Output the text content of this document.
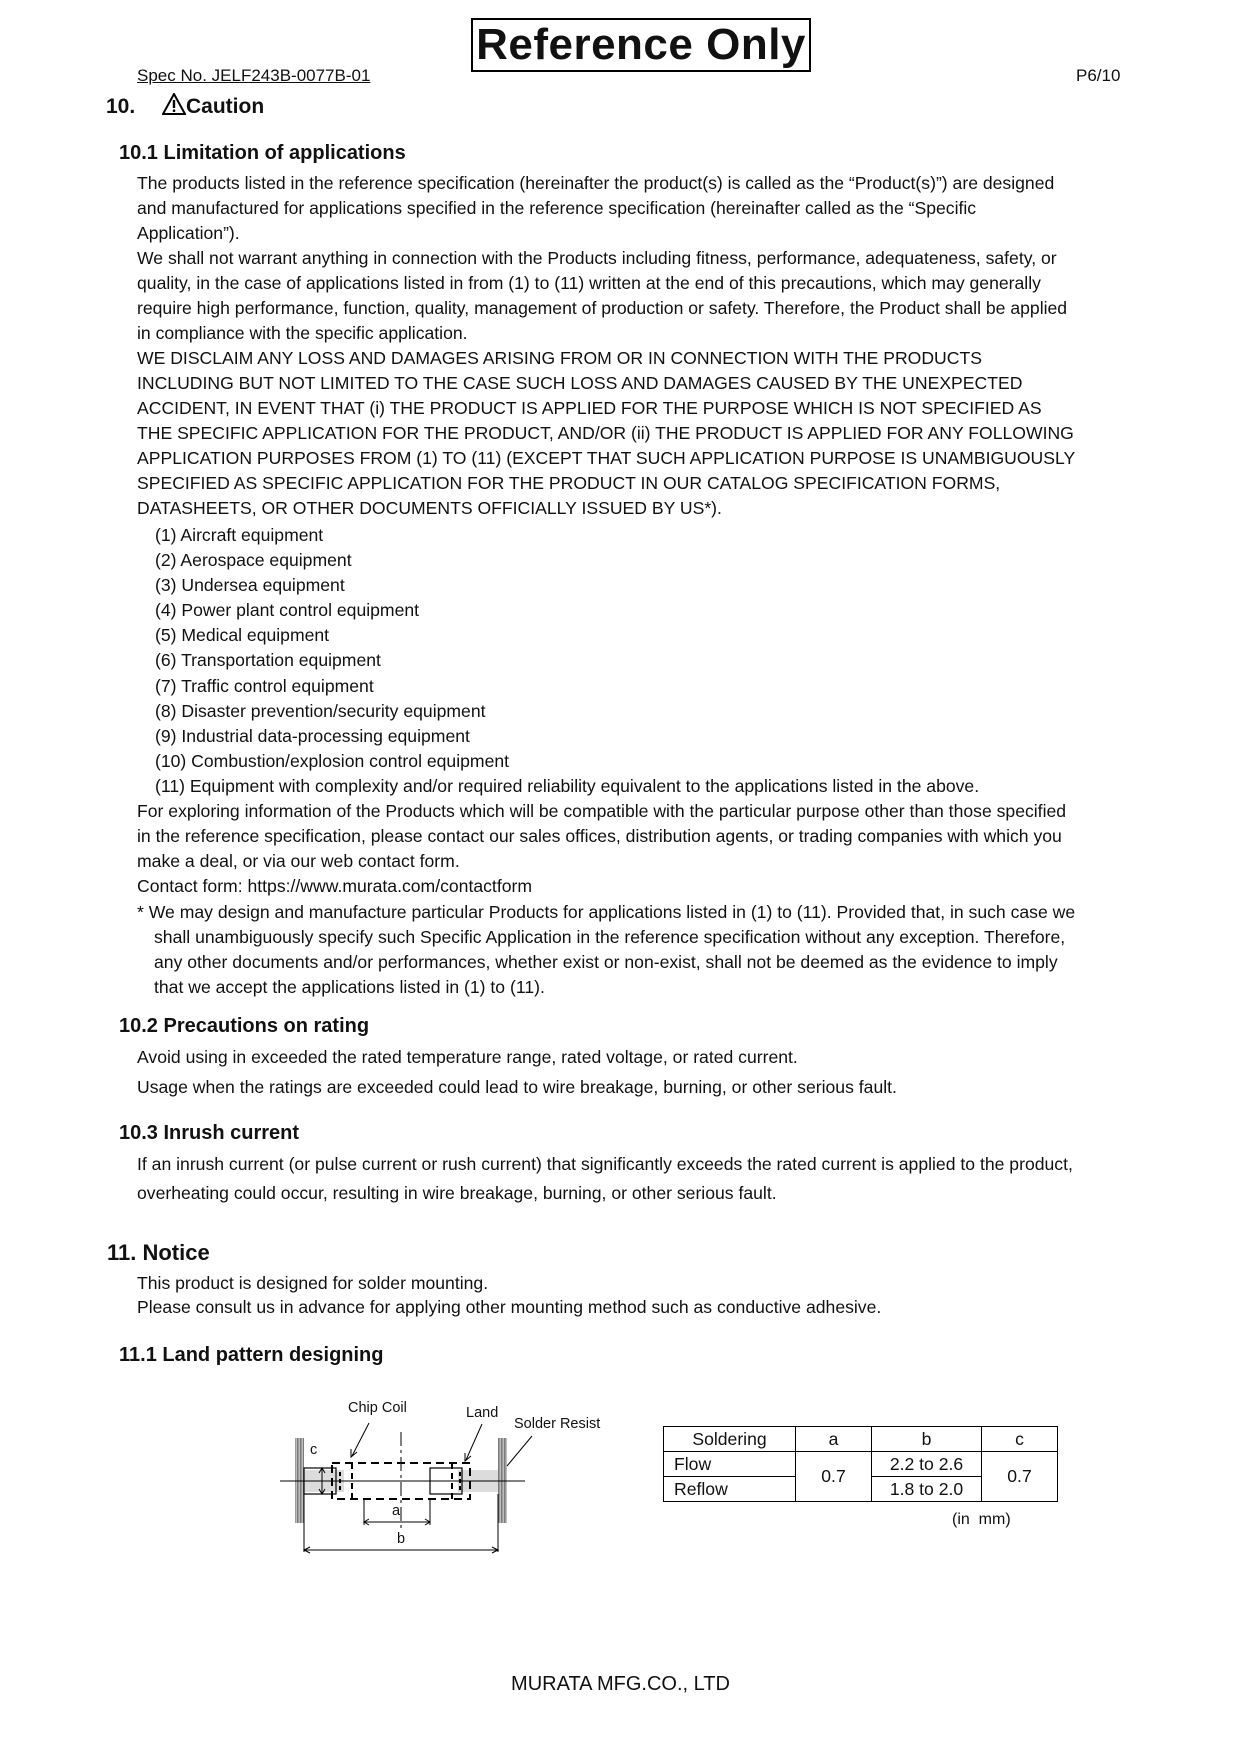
Spec No. JELF243B-0077B-01
Reference Only
P6/10
10. Caution
10.1 Limitation of applications
The products listed in the reference specification (hereinafter the product(s) is called as the “Product(s)”) are designed
and manufactured for applications specified in the reference specification (hereinafter called as the “Specific
Application”).
We shall not warrant anything in connection with the Products including fitness, performance, adequateness, safety, or
quality, in the case of applications listed in from (1) to (11) written at the end of this precautions, which may generally
require high performance, function, quality, management of production or safety. Therefore, the Product shall be applied
in compliance with the specific application.
WE DISCLAIM ANY LOSS AND DAMAGES ARISING FROM OR IN CONNECTION WITH THE PRODUCTS
INCLUDING BUT NOT LIMITED TO THE CASE SUCH LOSS AND DAMAGES CAUSED BY THE UNEXPECTED
ACCIDENT, IN EVENT THAT (i) THE PRODUCT IS APPLIED FOR THE PURPOSE WHICH IS NOT SPECIFIED AS
THE SPECIFIC APPLICATION FOR THE PRODUCT, AND/OR (ii) THE PRODUCT IS APPLIED FOR ANY FOLLOWING
APPLICATION PURPOSES FROM (1) TO (11) (EXCEPT THAT SUCH APPLICATION PURPOSE IS UNAMBIGUOUSLY
SPECIFIED AS SPECIFIC APPLICATION FOR THE PRODUCT IN OUR CATALOG SPECIFICATION FORMS,
DATASHEETS, OR OTHER DOCUMENTS OFFICIALLY ISSUED BY US*).
(1) Aircraft equipment
(2) Aerospace equipment
(3) Undersea equipment
(4) Power plant control equipment
(5) Medical equipment
(6) Transportation equipment
(7) Traffic control equipment
(8) Disaster prevention/security equipment
(9) Industrial data-processing equipment
(10) Combustion/explosion control equipment
(11) Equipment with complexity and/or required reliability equivalent to the applications listed in the above.
For exploring information of the Products which will be compatible with the particular purpose other than those specified
in the reference specification, please contact our sales offices, distribution agents, or trading companies with which you
make a deal, or via our web contact form.
Contact form: https://www.murata.com/contactform
* We may design and manufacture particular Products for applications listed in (1) to (11). Provided that, in such case we
shall unambiguously specify such Specific Application in the reference specification without any exception. Therefore,
any other documents and/or performances, whether exist or non-exist, shall not be deemed as the evidence to imply
that we accept the applications listed in (1) to (11).
10.2 Precautions on rating
Avoid using in exceeded the rated temperature range, rated voltage, or rated current.
Usage when the ratings are exceeded could lead to wire breakage, burning, or other serious fault.
10.3 Inrush current
If an inrush current (or pulse current or rush current) that significantly exceeds the rated current is applied to the product,
overheating could occur, resulting in wire breakage, burning, or other serious fault.
11. Notice
This product is designed for solder mounting.
Please consult us in advance for applying other mounting method such as conductive adhesive.
11.1 Land pattern designing
Chip Coil	Land
Solder Resist
c
a
b
Soldering	a	b	c
Flow	0.7	2.2 to 2.6	0.7
Reflow		1.8 to 2.0	
(in  mm)
MURATA MFG.CO., LTD
